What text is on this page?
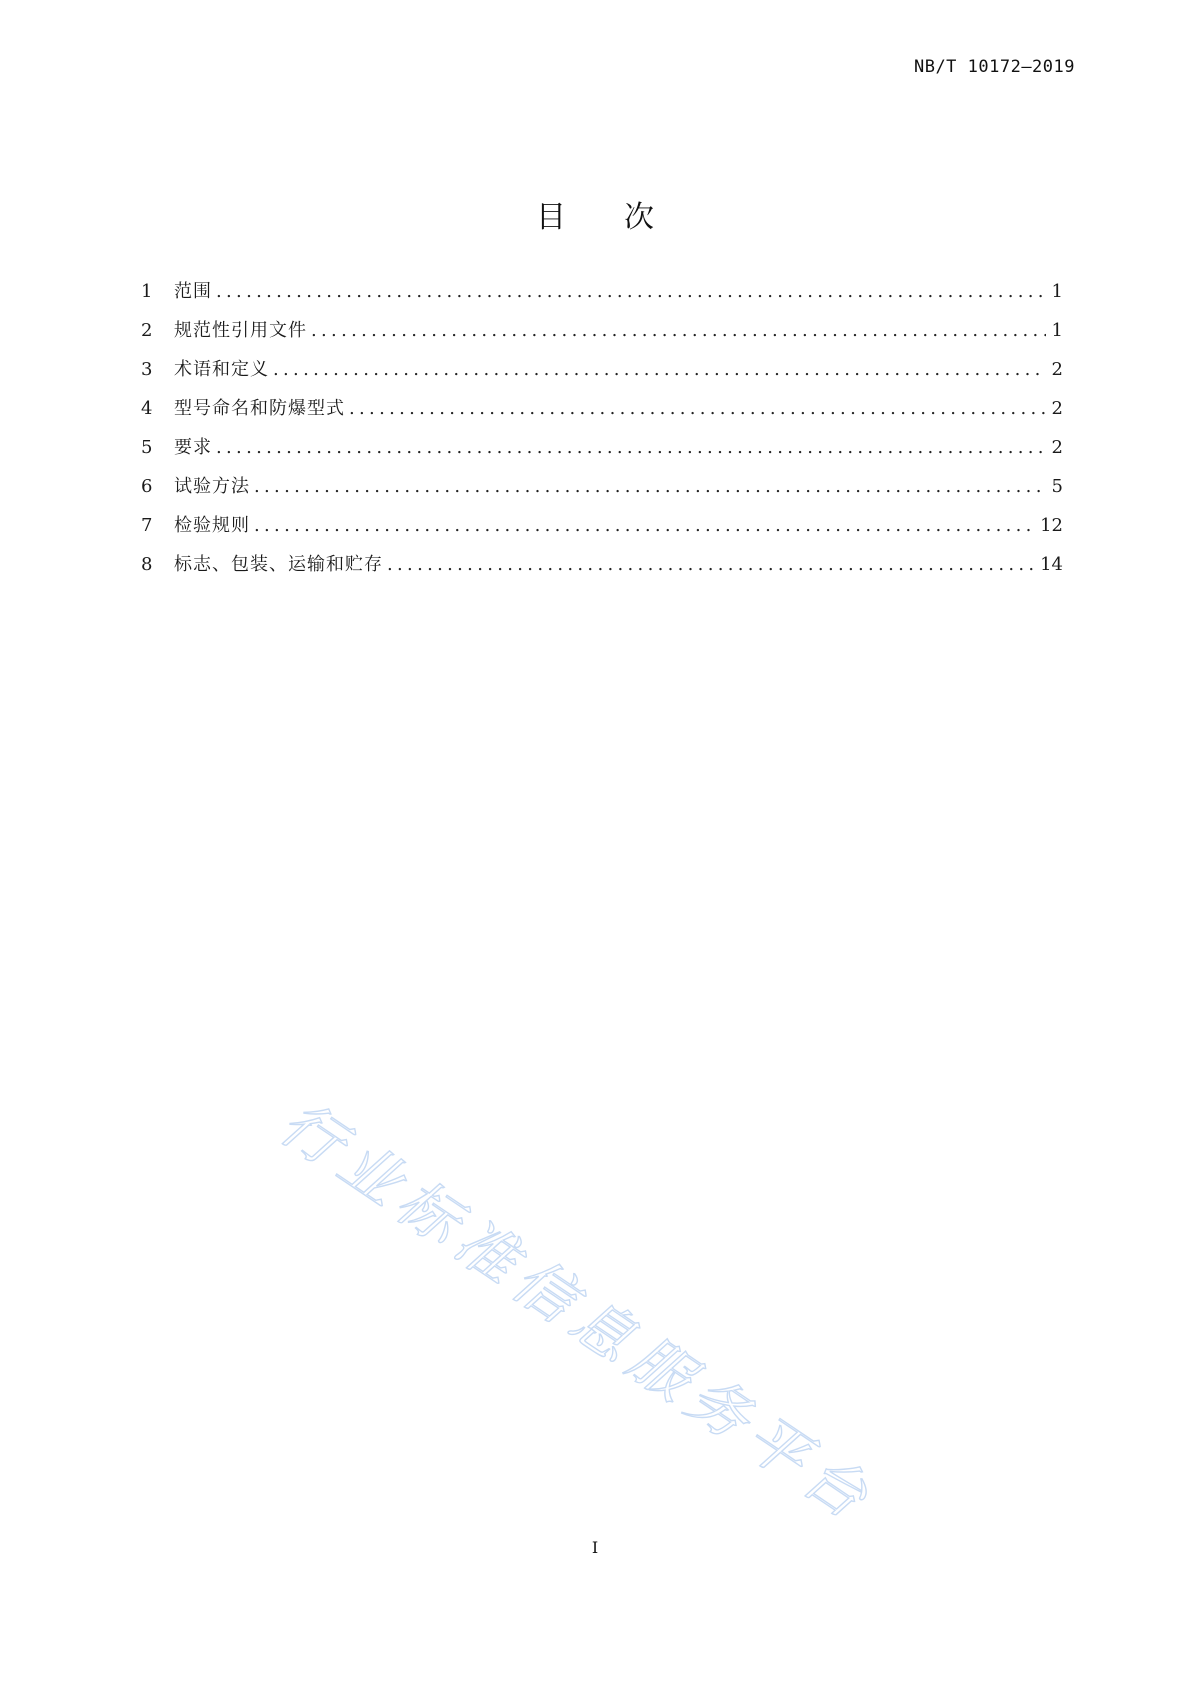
NB/T 10172—2019
目次
1	范围 .....	1
2	规范性引用文件 .....	1
3	术语和定义 .....	2
4	型号命名和防爆型式 .....	2
5	要求 .....	2
6	试验方法 .....	5
7	检验规则 .....	12
8	标志、包装、运输和贮存 .....	14
行业标准信息服务平台
I
